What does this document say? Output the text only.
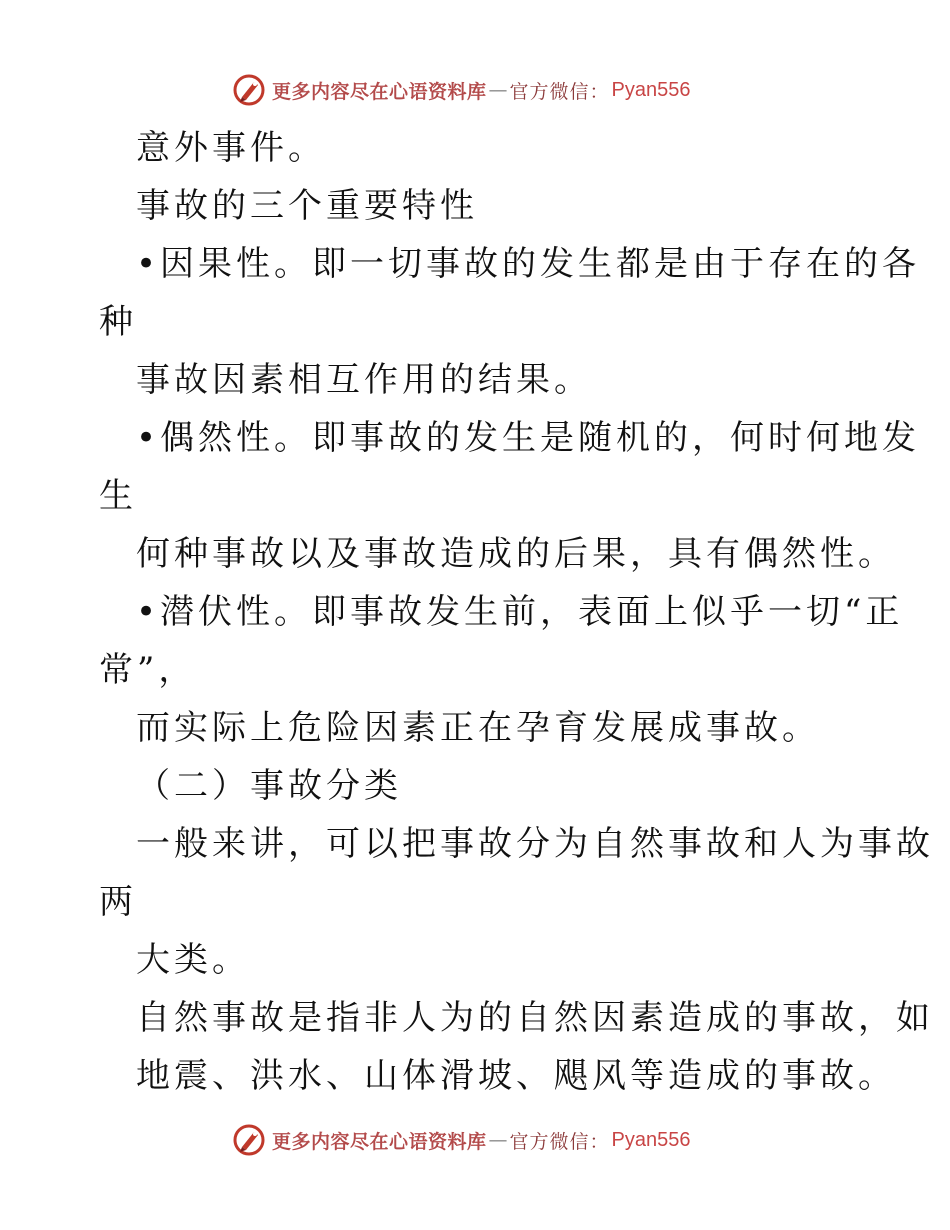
更多内容尽在心语资料库 — 官方微信： Pyan556
意外事件。
事故的三个重要特性
•因果性。即一切事故的发生都是由于存在的各
种
事故因素相互作用的结果。
•偶然性。即事故的发生是随机的，何时何地发
生
何种事故以及事故造成的后果，具有偶然性。
•潜伏性。即事故发生前，表面上似乎一切“正
常”，
而实际上危险因素正在孕育发展成事故。
（二）事故分类
一般来讲，可以把事故分为自然事故和人为事故
两
大类。
自然事故是指非人为的自然因素造成的事故，如
地震、洪水、山体滑坡、飓风等造成的事故。
更多内容尽在心语资料库 — 官方微信： Pyan556
